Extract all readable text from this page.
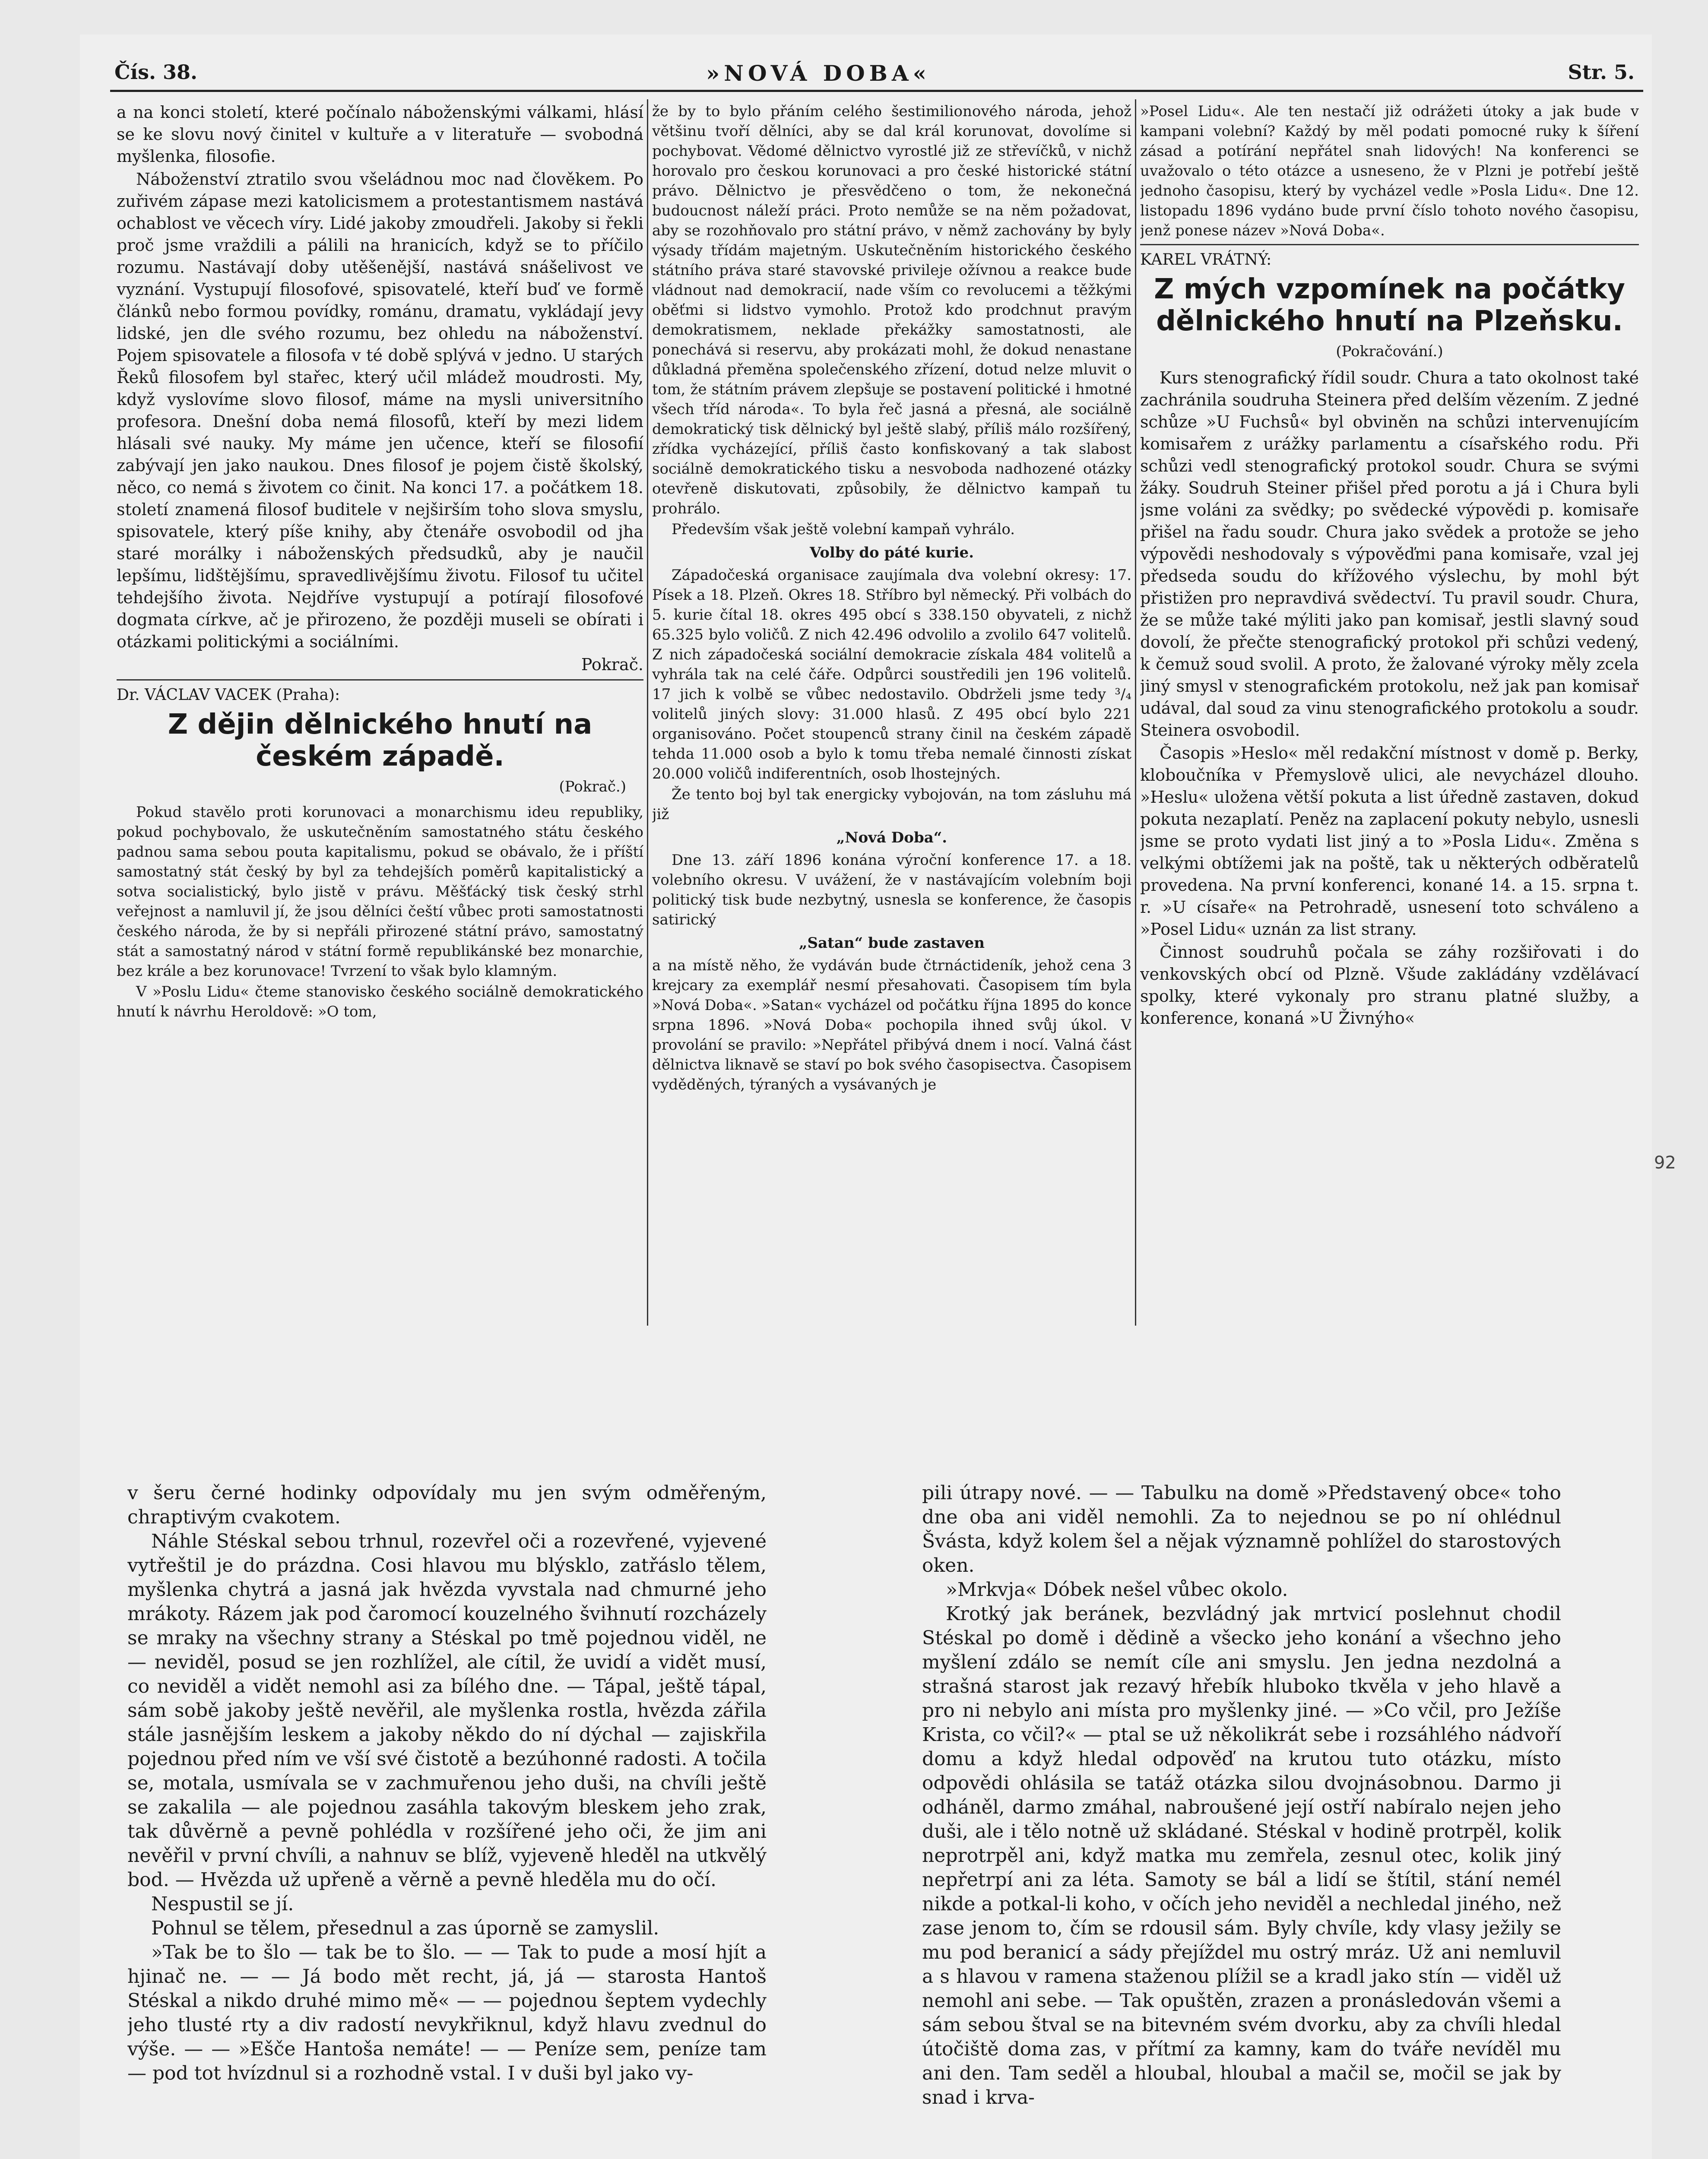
Čís. 38.	»NOVÁ DOBA«	Str. 5.

a na konci století, které počínalo náboženskými válkami, hlásí se ke slovu nový činitel v kultuře a v literatuře — svobodná myšlenka, filosofie.

Náboženství ztratilo svou všeládnou moc nad člověkem. Po zuřivém zápase mezi katolicismem a protestantismem nastává ochablost ve věcech víry. Lidé jakoby zmoudřeli. Jakoby si řekli proč jsme vraždili a pálili na hranicích, když se to příčilo rozumu. Nastávají doby utěšenější, nastává snášelivost ve vyznání. Vystupují filosofové, spisovatelé, kteří buď ve formě článků nebo formou povídky, románu, dramatu, vykládají jevy lidské, jen dle svého rozumu, bez ohledu na náboženství. Pojem spisovatele a filosofa v té době splývá v jedno. U starých Řeků filosofem byl stařec, který učil mládež moudrosti. My, když vyslovíme slovo filosof, máme na mysli universitního profesora. Dnešní doba nemá filosofů, kteří by mezi lidem hlásali své nauky. My máme jen učence, kteří se filosofií zabývají jen jako naukou. Dnes filosof je pojem čistě školský, něco, co nemá s životem co činit. Na konci 17. a počátkem 18. století znamená filosof buditele v nejširším toho slova smyslu, spisovatele, který píše knihy, aby čtenáře osvobodil od jha staré morálky i náboženských předsudků, aby je naučil lepšímu, lidštějšímu, spravedlivějšímu životu. Filosof tu učitel tehdejšího života. Nejdříve vystupují a potírají filosofové dogmata církve, ač je přirozeno, že později museli se obírati i otázkami politickými a sociálními.

Pokrač.

Dr. VÁCLAV VACEK (Praha):
Z dějin dělnického hnutí na českém západě.
(Pokrač.)

Pokud stavělo proti korunovaci a monarchismu ideu republiky, pokud pochybovalo, že uskutečněním samostatného státu českého padnou sama sebou pouta kapitalismu, pokud se obávalo, že i příští samostatný stát český by byl za tehdejších poměrů kapitalistický a sotva socialistický, bylo jistě v právu. Měšťácký tisk český strhl veřejnost a namluvil jí, že jsou dělníci čeští vůbec proti samostatnosti českého národa, že by si nepřáli přirozené státní právo, samostatný stát a samostatný národ v státní formě republikánské bez monarchie, bez krále a bez korunovace! Tvrzení to však bylo klamným.

V »Poslu Lidu« čteme stanovisko českého sociálně demokratického hnutí k návrhu Heroldově: »O tom,

že by to bylo přáním celého šestimilionového národa, jehož většinu tvoří dělníci, aby se dal král korunovat, dovolíme si pochybovat. Vědomé dělnictvo vyrostlé již ze střevíčků, v nichž horovalo pro českou korunovaci a pro české historické státní právo. Dělnictvo je přesvědčeno o tom, že nekonečná budoucnost náleží práci. Proto nemůže se na něm požadovat, aby se rozohňovalo pro státní právo, v němž zachovány by byly výsady třídám majetným. Uskutečněním historického českého státního práva staré stavovské privileje ožívnou a reakce bude vládnout nad demokracií, nade vším co revolucemi a těžkými oběťmi si lidstvo vymohlo. Protož kdo prodchnut pravým demokratismem, neklade překážky samostatnosti, ale ponechává si reservu, aby prokázati mohl, že dokud nenastane důkladná přeměna společenského zřízení, dotud nelze mluvit o tom, že státním právem zlepšuje se postavení politické i hmotné všech tříd národa«. To byla řeč jasná a přesná, ale sociálně demokratický tisk dělnický byl ještě slabý, příliš málo rozšířený, zřídka vycházející, příliš často konfiskovaný a tak slabost sociálně demokratického tisku a nesvoboda nadhozené otázky otevřeně diskutovati, způsobily, že dělnictvo kampaň tu prohrálo.

Především však ještě volební kampaň vyhrálo.

Volby do páté kurie.

Západočeská organisace zaujímala dva volební okresy: 17. Písek a 18. Plzeň. Okres 18. Stříbro byl německý. Při volbách do 5. kurie čítal 18. okres 495 obcí s 338.150 obyvateli, z nichž 65.325 bylo voličů. Z nich 42.496 odvolilo a zvolilo 647 volitelů. Z nich západočeská sociální demokracie získala 484 volitelů a vyhrála tak na celé čáře. Odpůrci soustředili jen 196 volitelů. 17 jich k volbě se vůbec nedostavilo. Obdrželi jsme tedy ³/₄ volitelů jiných slovy: 31.000 hlasů. Z 495 obcí bylo 221 organisováno. Počet stoupenců strany činil na českém západě tehda 11.000 osob a bylo k tomu třeba nemalé činnosti získat 20.000 voličů indiferentních, osob lhostejných.

Že tento boj byl tak energicky vybojován, na tom zásluhu má již

„Nová Doba“.

Dne 13. září 1896 konána výroční konference 17. a 18. volebního okresu. V uvážení, že v nastávajícím volebním boji politický tisk bude nezbytný, usnesla se konference, že časopis satirický

„Satan“ bude zastaven

a na místě něho, že vydáván bude čtrnáctideník, jehož cena 3 krejcary za exemplář nesmí přesahovati. Časopisem tím byla »Nová Doba«. »Satan« vycházel od počátku října 1895 do konce srpna 1896. »Nová Doba« pochopila ihned svůj úkol. V provolání se pravilo: »Nepřátel přibývá dnem i nocí. Valná část dělnictva liknavě se staví po bok svého časopisectva. Časopisem vyděděných, týraných a vysávaných je

»Posel Lidu«. Ale ten nestačí již odrážeti útoky a jak bude v kampani volební? Každý by měl podati pomocné ruky k šíření zásad a potírání nepřátel snah lidových! Na konferenci se uvažovalo o této otázce a usneseno, že v Plzni je potřebí ještě jednoho časopisu, který by vycházel vedle »Posla Lidu«. Dne 12. listopadu 1896 vydáno bude první číslo tohoto nového časopisu, jenž ponese název »Nová Doba«.

KAREL VRÁTNÝ:
Z mých vzpomínek na počátky dělnického hnutí na Plzeňsku.
(Pokračování.)

Kurs stenografický řídil soudr. Chura a tato okolnost také zachránila soudruha Steinera před delším vězením. Z jedné schůze »U Fuchsů« byl obviněn na schůzi intervenujícím komisařem z urážky parlamentu a císařského rodu. Při schůzi vedl stenografický protokol soudr. Chura se svými žáky. Soudruh Steiner přišel před porotu a já i Chura byli jsme voláni za svědky; po svědecké výpovědi p. komisaře přišel na řadu soudr. Chura jako svědek a protože se jeho výpovědi neshodovaly s výpověďmi pana komisaře, vzal jej předseda soudu do křížového výslechu, by mohl být přistižen pro nepravdivá svědectví. Tu pravil soudr. Chura, že se může také mýliti jako pan komisař, jestli slavný soud dovolí, že přečte stenografický protokol při schůzi vedený, k čemuž soud svolil. A proto, že žalované výroky měly zcela jiný smysl v stenografickém protokolu, než jak pan komisař udával, dal soud za vinu stenografického protokolu a soudr. Steinera osvobodil.

Časopis »Heslo« měl redakční místnost v domě p. Berky, kloboučníka v Přemyslově ulici, ale nevycházel dlouho. »Heslu« uložena větší pokuta a list úředně zastaven, dokud pokuta nezaplatí. Peněz na zaplacení pokuty nebylo, usnesli jsme se proto vydati list jiný a to »Posla Lidu«. Změna s velkými obtížemi jak na poště, tak u některých odběratelů provedena. Na první konferenci, konané 14. a 15. srpna t. r. »U císaře« na Petrohradě, usnesení toto schváleno a »Posel Lidu« uznán za list strany.

Činnost soudruhů počala se záhy rozšiřovati i do venkovských obcí od Plzně. Všude zakládány vzdělávací spolky, které vykonaly pro stranu platné služby, a konference, konaná »U Živnýho«

92

v šeru černé hodinky odpovídaly mu jen svým odměřeným, chraptivým cvakotem.

Náhle Stéskal sebou trhnul, rozevřel oči a rozevřené, vyjevené vytřeštil je do prázdna. Cosi hlavou mu blýsklo, zatřáslo tělem, myšlenka chytrá a jasná jak hvězda vyvstala nad chmurné jeho mrákoty. Rázem jak pod čaromocí kouzelného švihnutí rozcházely se mraky na všechny strany a Stéskal po tmě pojednou viděl, ne — neviděl, posud se jen rozhlížel, ale cítil, že uvidí a vidět musí, co neviděl a vidět nemohl asi za bílého dne. — Tápal, ještě tápal, sám sobě jakoby ještě nevěřil, ale myšlenka rostla, hvězda zářila stále jasnějším leskem a jakoby někdo do ní dýchal — zajiskřila pojednou před ním ve vší své čistotě a bezúhonné radosti. A točila se, motala, usmívala se v zachmuřenou jeho duši, na chvíli ještě se zakalila — ale pojednou zasáhla takovým bleskem jeho zrak, tak důvěrně a pevně pohlédla v rozšířené jeho oči, že jim ani nevěřil v první chvíli, a nahnuv se blíž, vyjeveně hleděl na utkvělý bod. — Hvězda už upřeně a věrně a pevně hleděla mu do očí.

Nespustil se jí.

Pohnul se tělem, přesednul a zas úporně se zamyslil.

»Tak be to šlo — tak be to šlo. — — Tak to pude a mosí hjít a hjinač ne. — — Já bodo mět recht, já, já — starosta Hantoš Stéskal a nikdo druhé mimo mě« — — pojednou šeptem vydechly jeho tlusté rty a div radostí nevykřiknul, když hlavu zvednul do výše. — — »Ešče Hantoša nemáte! — — Peníze sem, peníze tam — pod tot hvízdnul si a rozhodně vstal. I v duši byl jako vy-

pili útrapy nové. — — Tabulku na domě »Představený obce« toho dne oba ani viděl nemohli. Za to nejednou se po ní ohlédnul Švásta, když kolem šel a nějak významně pohlížel do starostových oken.

»Mrkvja« Dóbek nešel vůbec okolo.

Krotký jak beránek, bezvládný jak mrtvicí poslehnut chodil Stéskal po domě i dědině a všecko jeho konání a všechno jeho myšlení zdálo se nemít cíle ani smyslu. Jen jedna nezdolná a strašná starost jak rezavý hřebík hluboko tkvěla v jeho hlavě a pro ni nebylo ani místa pro myšlenky jiné. — »Co včil, pro Ježíše Krista, co včil?« — ptal se už několikrát sebe i rozsáhlého nádvoří domu a když hledal odpověď na krutou tuto otázku, místo odpovědi ohlásila se tatáž otázka silou dvojnásobnou. Darmo ji odháněl, darmo zmáhal, nabroušené její ostří nabíralo nejen jeho duši, ale i tělo notně už skládané. Stéskal v hodině protrpěl, kolik neprotrpěl ani, když matka mu zemřela, zesnul otec, kolik jiný nepřetrpí ani za léta. Samoty se bál a lidí se štítil, stání nemél nikde a potkal-li koho, v očích jeho neviděl a nechledal jiného, než zase jenom to, čím se rdousil sám. Byly chvíle, kdy vlasy ježily se mu pod beranicí a sády přejíždel mu ostrý mráz. Už ani nemluvil a s hlavou v ramena staženou plížil se a kradl jako stín — viděl už nemohl ani sebe. — Tak opuštěn, zrazen a pronásledován všemi a sám sebou štval se na bitevném svém dvorku, aby za chvíli hledal útočiště doma zas, v přítmí za kamny, kam do tváře nevíděl mu ani den. Tam seděl a hloubal, hloubal a mačil se, močil se jak by snad i krva-
